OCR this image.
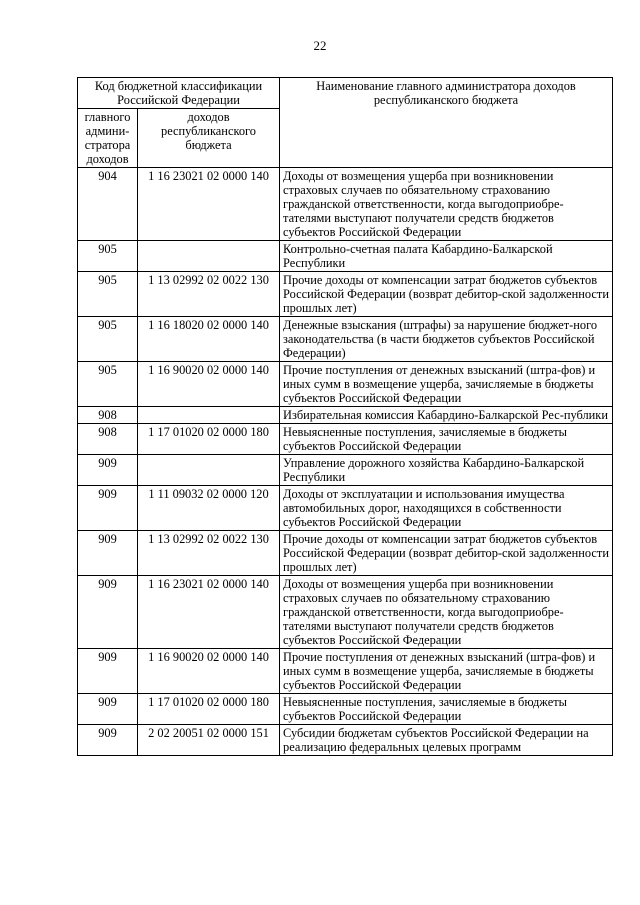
22
Код бюджетной классификации Российской Федерации		Наименование главного администратора доходов республиканского бюджета
главного админи-стратора доходов	доходов республиканского бюджета	
904	1 16 23021 02 0000 140	Доходы от возмещения ущерба при возникновении страховых случаев по обязательному страхованию гражданской ответственности, когда выгодоприобре-тателями выступают получатели средств бюджетов субъектов Российской Федерации
905		Контрольно-счетная палата Кабардино-Балкарской Республики
905	1 13 02992 02 0022 130	Прочие доходы от компенсации затрат бюджетов субъектов Российской Федерации (возврат дебитор-ской задолженности прошлых лет)
905	1 16 18020 02 0000 140	Денежные взыскания (штрафы) за нарушение бюджет-ного законодательства (в части бюджетов субъектов Российской Федерации)
905	1 16 90020 02 0000 140	Прочие поступления от денежных взысканий (штра-фов) и иных сумм в возмещение ущерба, зачисляемые в бюджеты субъектов Российской Федерации
908		Избирательная комиссия Кабардино-Балкарской Рес-публики
908	1 17 01020 02 0000 180	Невыясненные поступления, зачисляемые в бюджеты субъектов Российской Федерации
909		Управление дорожного хозяйства Кабардино-Балкарской Республики
909	1 11 09032 02 0000 120	Доходы от эксплуатации и использования имущества автомобильных дорог, находящихся в собственности субъектов Российской Федерации
909	1 13 02992 02 0022 130	Прочие доходы от компенсации затрат бюджетов субъектов Российской Федерации (возврат дебитор-ской задолженности прошлых лет)
909	1 16 23021 02 0000 140	Доходы от возмещения ущерба при возникновении страховых случаев по обязательному страхованию гражданской ответственности, когда выгодоприобре-тателями выступают получатели средств бюджетов субъектов Российской Федерации
909	1 16 90020 02 0000 140	Прочие поступления от денежных взысканий (штра-фов) и иных сумм в возмещение ущерба, зачисляемые в бюджеты субъектов Российской Федерации
909	1 17 01020 02 0000 180	Невыясненные поступления, зачисляемые в бюджеты субъектов Российской Федерации
909	2 02 20051 02 0000 151	Субсидии бюджетам субъектов Российской Федерации на реализацию федеральных целевых программ
